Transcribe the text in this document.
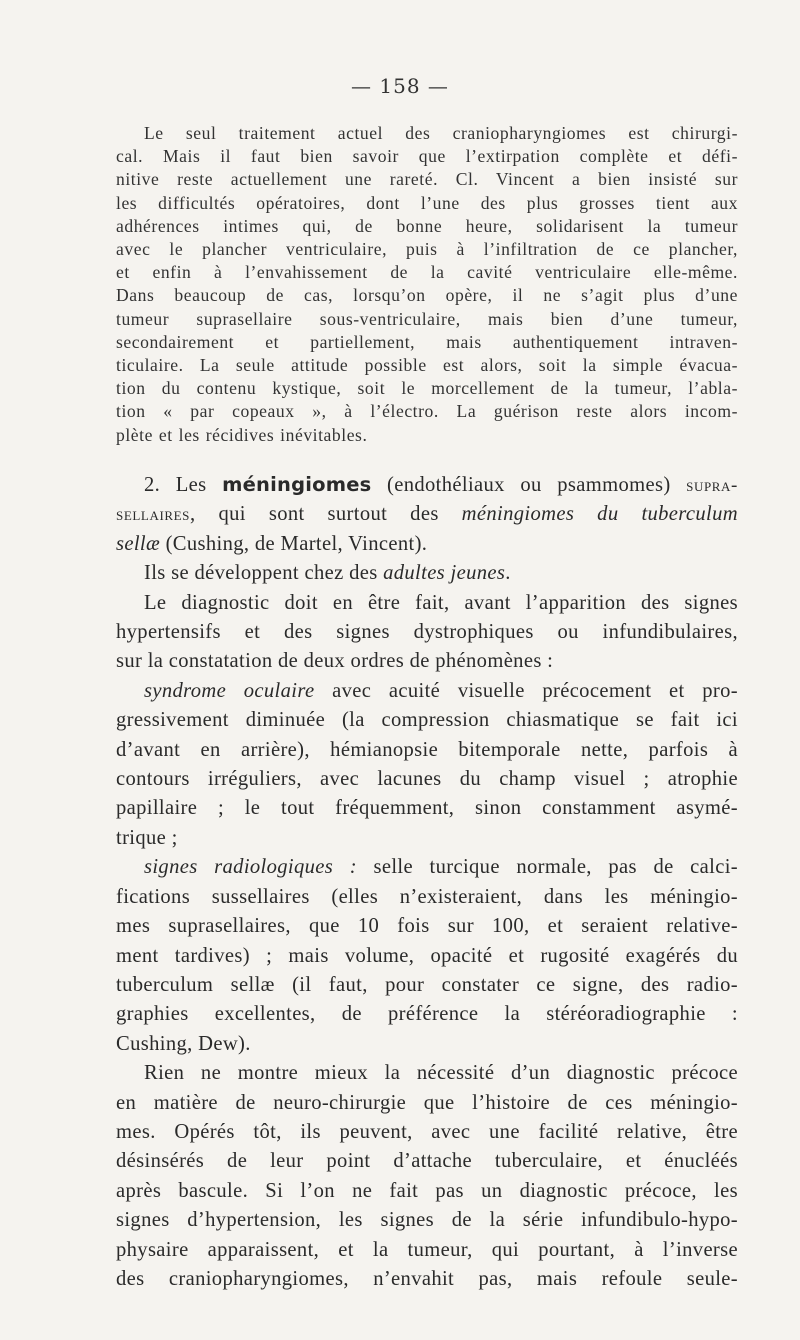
— 158 —
Le seul traitement actuel des craniopharyngiomes est chirurgi-
cal. Mais il faut bien savoir que l’extirpation complète et défi-
nitive reste actuellement une rareté. Cl. Vincent a bien insisté sur
les difficultés opératoires, dont l’une des plus grosses tient aux
adhérences intimes qui, de bonne heure, solidarisent la tumeur
avec le plancher ventriculaire, puis à l’infiltration de ce plancher,
et enfin à l’envahissement de la cavité ventriculaire elle-même.
Dans beaucoup de cas, lorsqu’on opère, il ne s’agit plus d’une
tumeur suprasellaire sous-ventriculaire, mais bien d’une tumeur,
secondairement et partiellement, mais authentiquement intraven-
ticulaire. La seule attitude possible est alors, soit la simple évacua-
tion du contenu kystique, soit le morcellement de la tumeur, l’abla-
tion « par copeaux », à l’électro. La guérison reste alors incom-
plète et les récidives inévitables.
2. Les méningiomes (endothéliaux ou psammomes) supra-
sellaires, qui sont surtout des méningiomes du tuberculum
sellæ (Cushing, de Martel, Vincent).
Ils se développent chez des adultes jeunes.
Le diagnostic doit en être fait, avant l’apparition des signes
hypertensifs et des signes dystrophiques ou infundibulaires,
sur la constatation de deux ordres de phénomènes :
syndrome oculaire avec acuité visuelle précocement et pro-
gressivement diminuée (la compression chiasmatique se fait ici
d’avant en arrière), hémianopsie bitemporale nette, parfois à
contours irréguliers, avec lacunes du champ visuel ; atrophie
papillaire ; le tout fréquemment, sinon constamment asymé-
trique ;
signes radiologiques : selle turcique normale, pas de calci-
fications sussellaires (elles n’existeraient, dans les méningio-
mes suprasellaires, que 10 fois sur 100, et seraient relative-
ment tardives) ; mais volume, opacité et rugosité exagérés du
tuberculum sellæ (il faut, pour constater ce signe, des radio-
graphies excellentes, de préférence la stéréoradiographie :
Cushing, Dew).
Rien ne montre mieux la nécessité d’un diagnostic précoce
en matière de neuro-chirurgie que l’histoire de ces méningio-
mes. Opérés tôt, ils peuvent, avec une facilité relative, être
désinsérés de leur point d’attache tuberculaire, et énucléés
après bascule. Si l’on ne fait pas un diagnostic précoce, les
signes d’hypertension, les signes de la série infundibulo-hypo-
physaire apparaissent, et la tumeur, qui pourtant, à l’inverse
des craniopharyngiomes, n’envahit pas, mais refoule seule-
